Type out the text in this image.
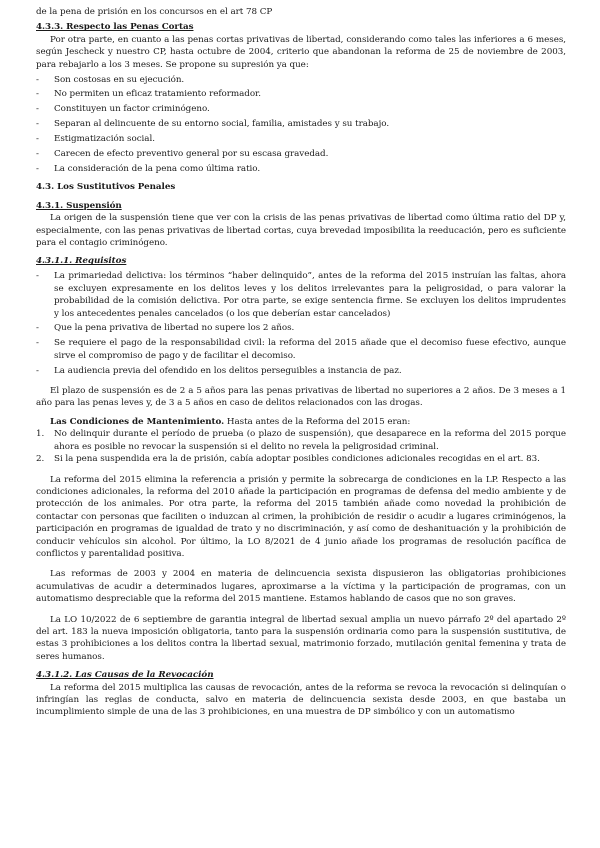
de la pena de prisión en los concursos en el art 78 CP

4.3.3. Respecto las Penas Cortas

Por otra parte, en cuanto a las penas cortas privativas de libertad, considerando como tales las inferiores a 6 meses, según Jescheck y nuestro CP, hasta octubre de 2004, criterio que abandonan la reforma de 25 de noviembre de 2003, para rebajarlo a los 3 meses. Se propone su supresión ya que:

- Son costosas en su ejecución.
- No permiten un eficaz tratamiento reformador.
- Constituyen un factor criminógeno.
- Separan al delincuente de su entorno social, familia, amistades y su trabajo.
- Estigmatización social.
- Carecen de efecto preventivo general por su escasa gravedad.
- La consideración de la pena como última ratio.

4.3. Los Sustitutivos Penales

4.3.1. Suspensión

La origen de la suspensión tiene que ver con la crisis de las penas privativas de libertad como última ratio del DP y, especialmente, con las penas privativas de libertad cortas, cuya brevedad imposibilita la reeducación, pero es suficiente para el contagio criminógeno.

4.3.1.1. Requisitos

- La primariedad delictiva: los términos “haber delinquido”, antes de la reforma del 2015 instruían las faltas, ahora se excluyen expresamente en los delitos leves y los delitos irrelevantes para la peligrosidad, o para valorar la probabilidad de la comisión delictiva. Por otra parte, se exige sentencia firme. Se excluyen los delitos imprudentes y los antecedentes penales cancelados (o los que deberían estar cancelados)
- Que la pena privativa de libertad no supere los 2 años.
- Se requiere el pago de la responsabilidad civil: la reforma del 2015 añade que el decomiso fuese efectivo, aunque sirve el compromiso de pago y de facilitar el decomiso.
- La audiencia previa del ofendido en los delitos perseguibles a instancia de paz.

El plazo de suspensión es de 2 a 5 años para las penas privativas de libertad no superiores a 2 años. De 3 meses a 1 año para las penas leves y, de 3 a 5 años en caso de delitos relacionados con las drogas.

Las Condiciones de Mantenimiento. Hasta antes de la Reforma del 2015 eran:

1. No delinquir durante el período de prueba (o plazo de suspensión), que desaparece en la reforma del 2015 porque ahora es posible no revocar la suspensión si el delito no revela la peligrosidad criminal.
2. Si la pena suspendida era la de prisión, cabía adoptar posibles condiciones adicionales recogidas en el art. 83.

La reforma del 2015 elimina la referencia a prisión y permite la sobrecarga de condiciones en la LP. Respecto a las condiciones adicionales, la reforma del 2010 añade la participación en programas de defensa del medio ambiente y de protección de los animales. Por otra parte, la reforma del 2015 también añade como novedad la prohibición de contactar con personas que faciliten o induzcan al crimen, la prohibición de residir o acudir a lugares criminógenos, la participación en programas de igualdad de trato y no discriminación, y así como de deshanituación y la prohibición de conducir vehículos sin alcohol. Por último, la LO 8/2021 de 4 junio añade los programas de resolución pacífica de conflictos y parentalidad positiva.

Las reformas de 2003 y 2004 en materia de delincuencia sexista dispusieron las obligatorias prohibiciones acumulativas de acudir a determinados lugares, aproximarse a la víctima y la participación de programas, con un automatismo despreciable que la reforma del 2015 mantiene. Estamos hablando de casos que no son graves.

La LO 10/2022 de 6 septiembre de garantia integral de libertad sexual amplia un nuevo párrafo 2º del apartado 2º del art. 183 la nueva imposición obligatoria, tanto para la suspensión ordinaria como para la suspensión sustitutiva, de estas 3 prohibiciones a los delitos contra la libertad sexual, matrimonio forzado, mutilación genital femenina y trata de seres humanos.

4.3.1.2. Las Causas de la Revocación

La reforma del 2015 multiplica las causas de revocación, antes de la reforma se revoca la revocación si delinquían o infringían las reglas de conducta, salvo en materia de delincuencia sexista desde 2003, en que bastaba un incumplimiento simple de una de las 3 prohibiciones, en una muestra de DP simbólico y con un automatismo
